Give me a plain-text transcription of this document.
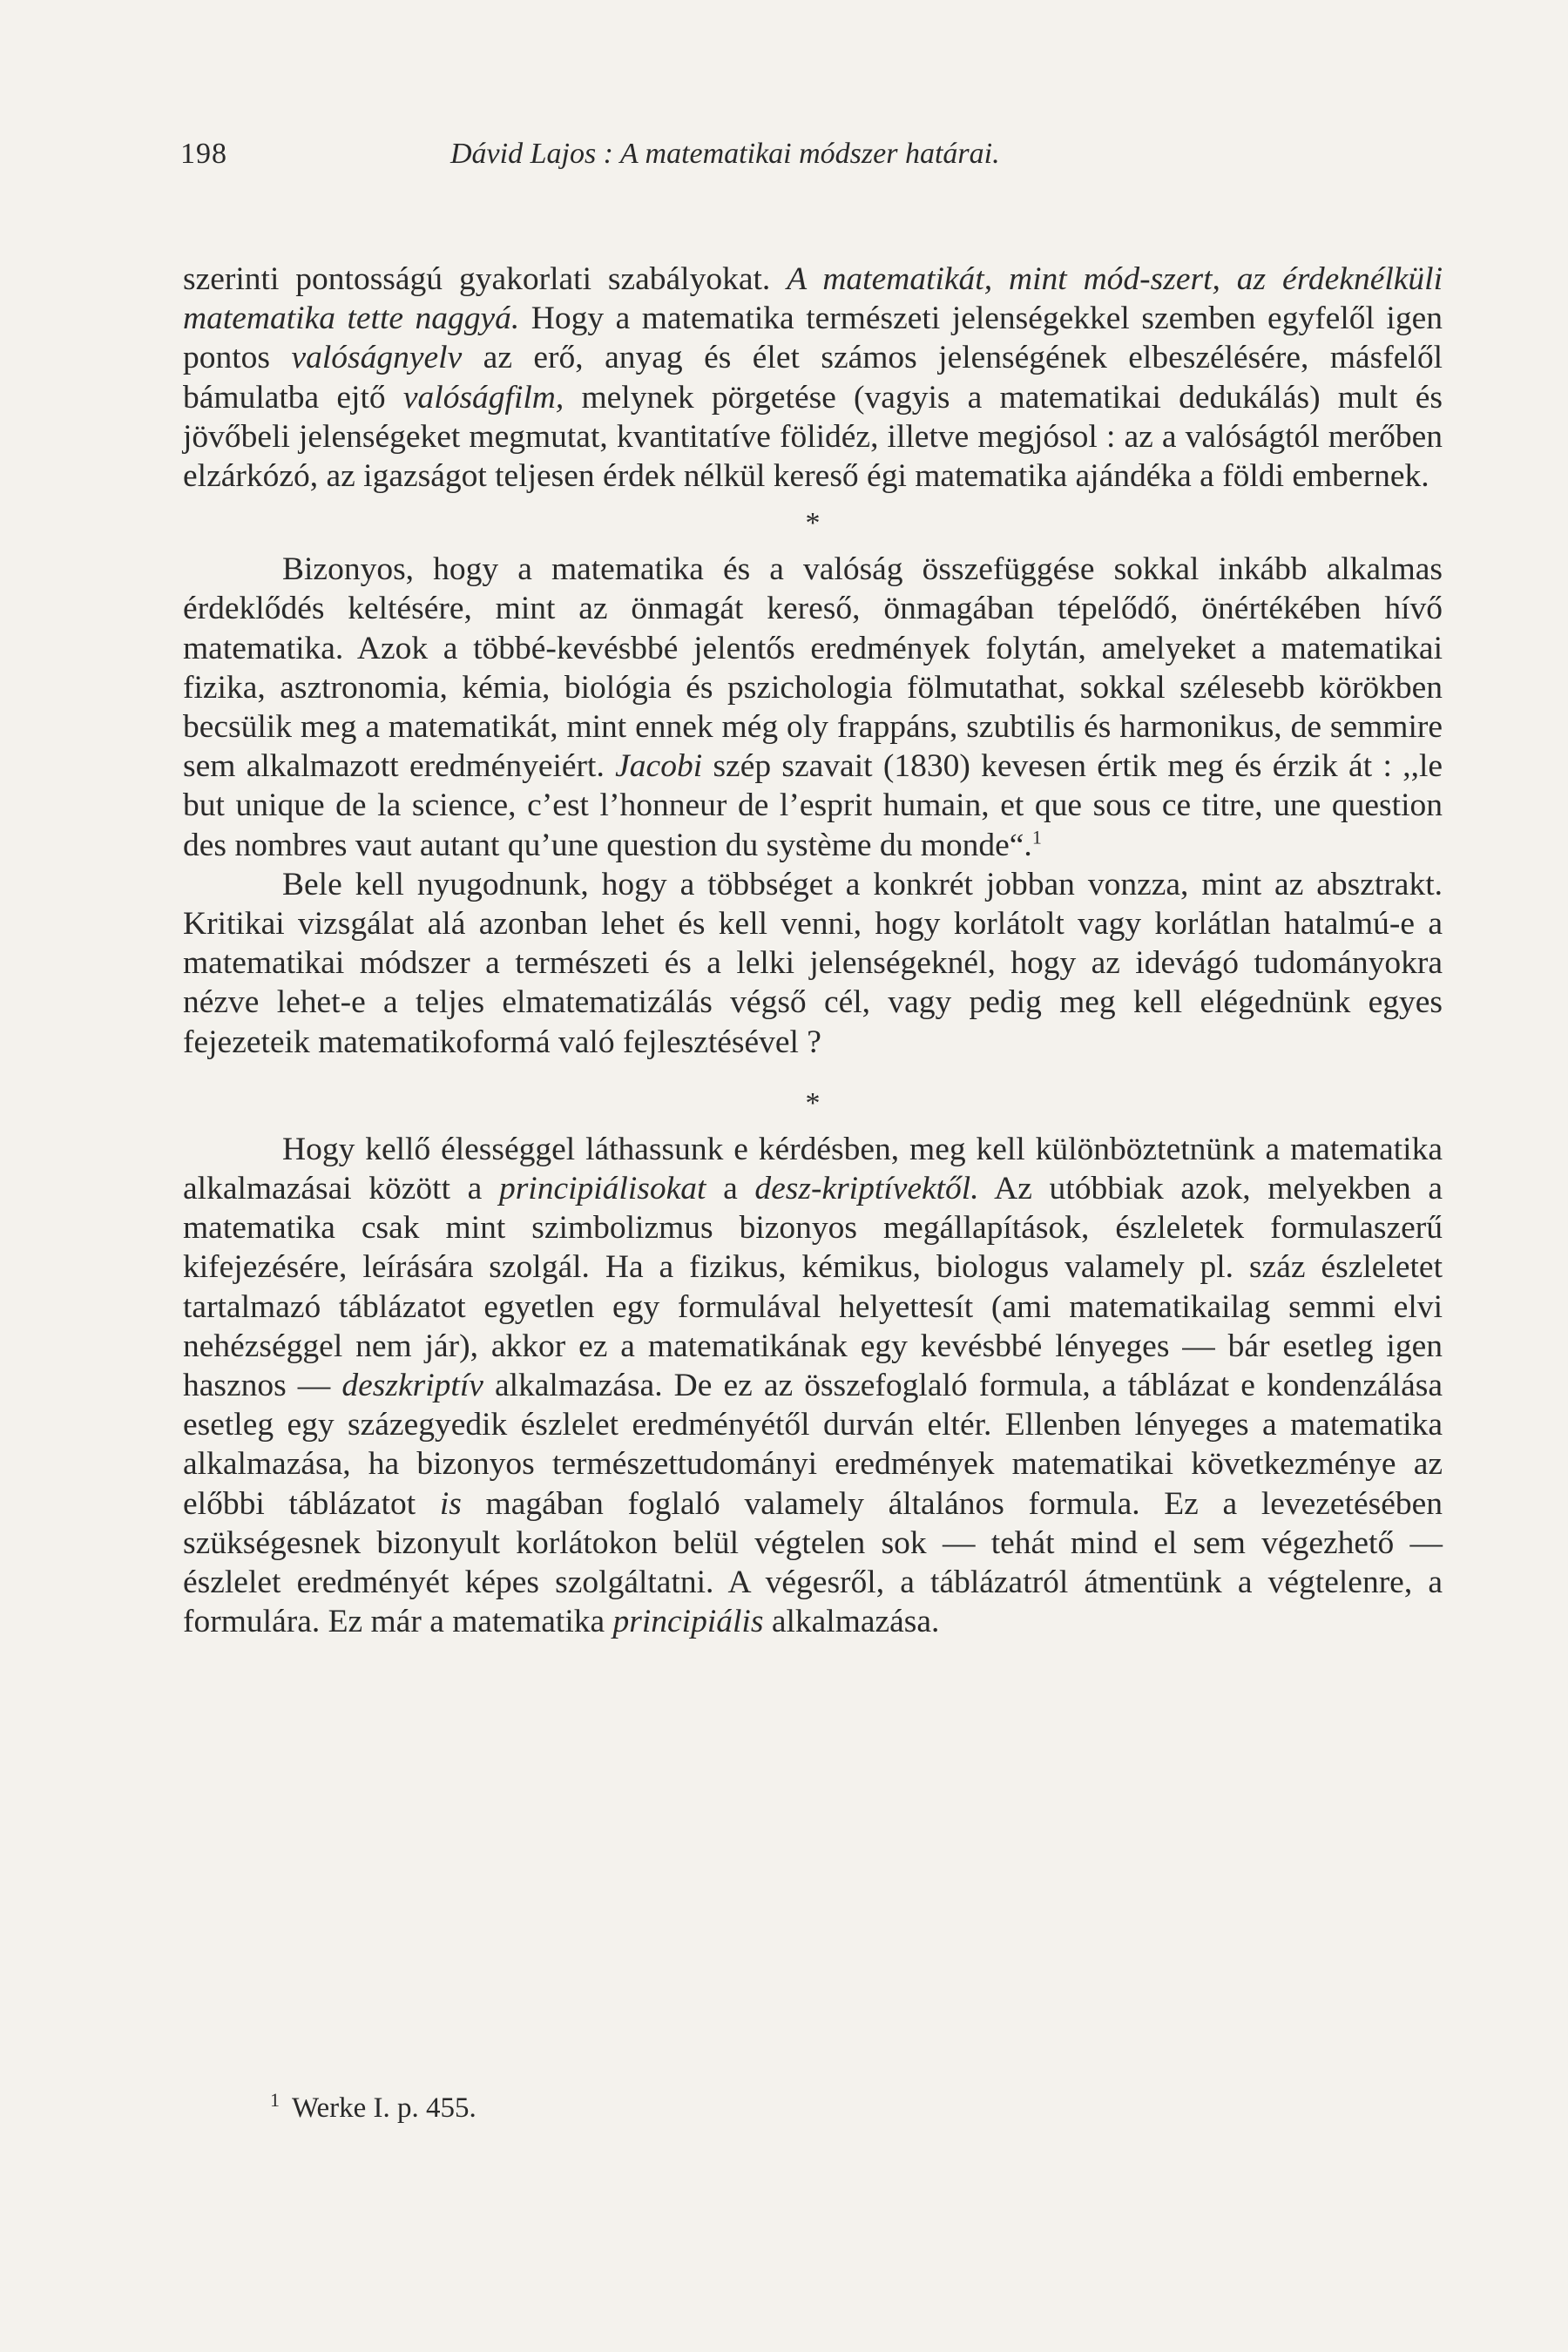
198	Dávid Lajos : A matematikai módszer határai.

szerinti pontosságú gyakorlati szabályokat. A matematikát, mint mód-szert, az érdeknélküli matematika tette naggyá. Hogy a matematika természeti jelenségekkel szemben egyfelől igen pontos valóságnyelv az erő, anyag és élet számos jelenségének elbeszélésére, másfelől bámulatba ejtő valóságfilm, melynek pörgetése (vagyis a matematikai dedukálás) mult és jövőbeli jelenségeket megmutat, kvantitatíve fölidéz, illetve megjósol : az a valóságtól merőben elzárkózó, az igazságot teljesen érdek nélkül kereső égi matematika ajándéka a földi embernek.

*

Bizonyos, hogy a matematika és a valóság összefüggése sokkal inkább alkalmas érdeklődés keltésére, mint az önmagát kereső, önmagában tépelődő, önértékében hívő matematika. Azok a többé-kevésbbé jelentős eredmények folytán, amelyeket a matematikai fizika, asztronomia, kémia, biológia és pszichologia fölmutathat, sokkal szélesebb körökben becsülik meg a matematikát, mint ennek még oly frappáns, szubtilis és harmonikus, de semmire sem alkalmazott eredményeiért. Jacobi szép szavait (1830) kevesen értik meg és érzik át : ,,le but unique de la science, c’est l’honneur de l’esprit humain, et que sous ce titre, une question des nombres vaut autant qu’une question du système du monde“.$^1$

Bele kell nyugodnunk, hogy a többséget a konkrét jobban vonzza, mint az absztrakt. Kritikai vizsgálat alá azonban lehet és kell venni, hogy korlátolt vagy korlátlan hatalmú-e a matematikai módszer a természeti és a lelki jelenségeknél, hogy az idevágó tudományokra nézve lehet-e a teljes elmatematizálás végső cél, vagy pedig meg kell elégednünk egyes fejezeteik matematikoformá való fejlesztésével ?

*

Hogy kellő élességgel láthassunk e kérdésben, meg kell különböztetnünk a matematika alkalmazásai között a principiálisokat a desz-kriptívektől. Az utóbbiak azok, melyekben a matematika csak mint szimbolizmus bizonyos megállapítások, észleletek formulaszerű kifejezésére, leírására szolgál. Ha a fizikus, kémikus, biologus valamely pl. száz észleletet tartalmazó táblázatot egyetlen egy formulával helyettesít (ami matematikailag semmi elvi nehézséggel nem jár), akkor ez a matematikának egy kevésbbé lényeges — bár esetleg igen hasznos — deszkriptív alkalmazása. De ez az összefoglaló formula, a táblázat e kondenzálása esetleg egy százegyedik észlelet eredményétől durván eltér. Ellenben lényeges a matematika alkalmazása, ha bizonyos természettudományi eredmények matematikai következménye az előbbi táblázatot is magában foglaló valamely általános formula. Ez a levezetésében szükségesnek bizonyult korlátokon belül végtelen sok — tehát mind el sem végezhető — észlelet eredményét képes szolgáltatni. A végesről, a táblázatról átmentünk a végtelenre, a formulára. Ez már a matematika principiális alkalmazása.

$^1$ Werke I. p. 455.
